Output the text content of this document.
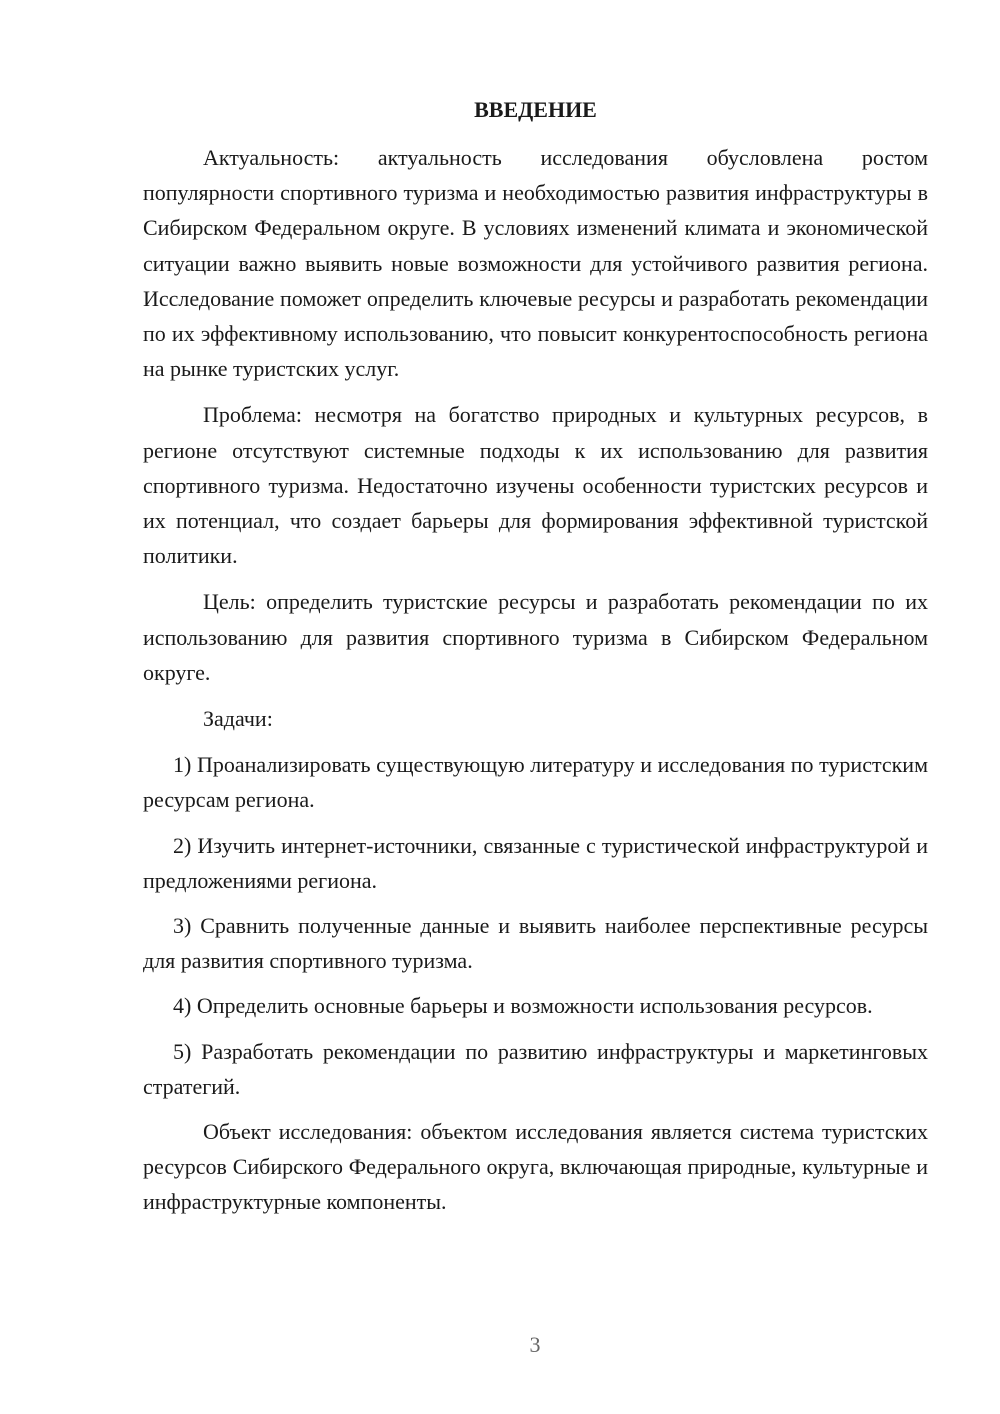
ВВЕДЕНИЕ

Актуальность: актуальность исследования обусловлена ростом популярности спортивного туризма и необходимостью развития инфраструктуры в Сибирском Федеральном округе. В условиях изменений климата и экономической ситуации важно выявить новые возможности для устойчивого развития региона. Исследование поможет определить ключевые ресурсы и разработать рекомендации по их эффективному использованию, что повысит конкурентоспособность региона на рынке туристских услуг.

Проблема: несмотря на богатство природных и культурных ресурсов, в регионе отсутствуют системные подходы к их использованию для развития спортивного туризма. Недостаточно изучены особенности туристских ресурсов и их потенциал, что создает барьеры для формирования эффективной туристской политики.

Цель: определить туристские ресурсы и разработать рекомендации по их использованию для развития спортивного туризма в Сибирском Федеральном округе.

Задачи:

1) Проанализировать существующую литературу и исследования по туристским ресурсам региона.

2) Изучить интернет-источники, связанные с туристической инфраструктурой и предложениями региона.

3) Сравнить полученные данные и выявить наиболее перспективные ресурсы для развития спортивного туризма.

4) Определить основные барьеры и возможности использования ресурсов.

5) Разработать рекомендации по развитию инфраструктуры и маркетинговых стратегий.

Объект исследования: объектом исследования является система туристских ресурсов Сибирского Федерального округа, включающая природные, культурные и инфраструктурные компоненты.

3
